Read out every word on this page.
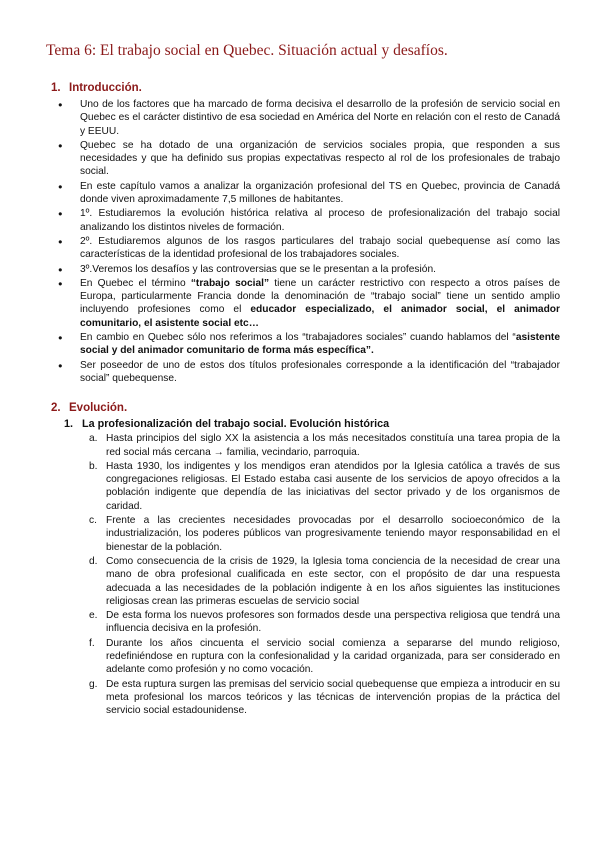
Tema 6: El trabajo social en Quebec. Situación actual y desafíos.
1. Introducción.
● Uno de los factores que ha marcado de forma decisiva el desarrollo de la profesión de servicio social en Quebec es el carácter distintivo de esa sociedad en América del Norte en relación con el resto de Canadá y EEUU.
● Quebec se ha dotado de una organización de servicios sociales propia, que responden a sus necesidades y que ha definido sus propias expectativas respecto al rol de los profesionales de trabajo social.
● En este capítulo vamos a analizar la organización profesional del TS en Quebec, provincia de Canadá donde viven aproximadamente 7,5 millones de habitantes.
● 1º. Estudiaremos la evolución histórica relativa al proceso de profesionalización del trabajo social analizando los distintos niveles de formación.
● 2º. Estudiaremos algunos de los rasgos particulares del trabajo social quebequense así como las características de la identidad profesional de los trabajadores sociales.
● 3º.Veremos los desafíos y las controversias que se le presentan a la profesión.
● En Quebec el término “trabajo social” tiene un carácter restrictivo con respecto a otros países de Europa, particularmente Francia donde la denominación de “trabajo social” tiene un sentido amplio incluyendo profesiones como el educador especializado, el animador social, el animador comunitario, el asistente social etc…
● En cambio en Quebec sólo nos referimos a los “trabajadores sociales” cuando hablamos del “asistente social y del animador comunitario de forma más específica”.
● Ser poseedor de uno de estos dos títulos profesionales corresponde a la identificación del “trabajador social” quebequense.
2. Evolución.
1. La profesionalización del trabajo social. Evolución histórica
a. Hasta principios del siglo XX la asistencia a los más necesitados constituía una tarea propia de la red social más cercana → familia, vecindario, parroquia.
b. Hasta 1930, los indigentes y los mendigos eran atendidos por la Iglesia católica a través de sus congregaciones religiosas. El Estado estaba casi ausente de los servicios de apoyo ofrecidos a la población indigente que dependía de las iniciativas del sector privado y de los organismos de caridad.
c. Frente a las crecientes necesidades provocadas por el desarrollo socioeconómico de la industrialización, los poderes públicos van progresivamente teniendo mayor responsabilidad en el bienestar de la población.
d. Como consecuencia de la crisis de 1929, la Iglesia toma conciencia de la necesidad de crear una mano de obra profesional cualificada en este sector, con el propósito de dar una respuesta adecuada a las necesidades de la población indigente à en los años siguientes las instituciones religiosas crean las primeras escuelas de servicio social
e. De esta forma los nuevos profesores son formados desde una perspectiva religiosa que tendrá una influencia decisiva en la profesión.
f. Durante los años cincuenta el servicio social comienza a separarse del mundo religioso, redefiniéndose en ruptura con la confesionalidad y la caridad organizada, para ser considerado en adelante como profesión y no como vocación.
g. De esta ruptura surgen las premisas del servicio social quebequense que empieza a introducir en su meta profesional los marcos teóricos y las técnicas de intervención propias de la práctica del servicio social estadounidense.
